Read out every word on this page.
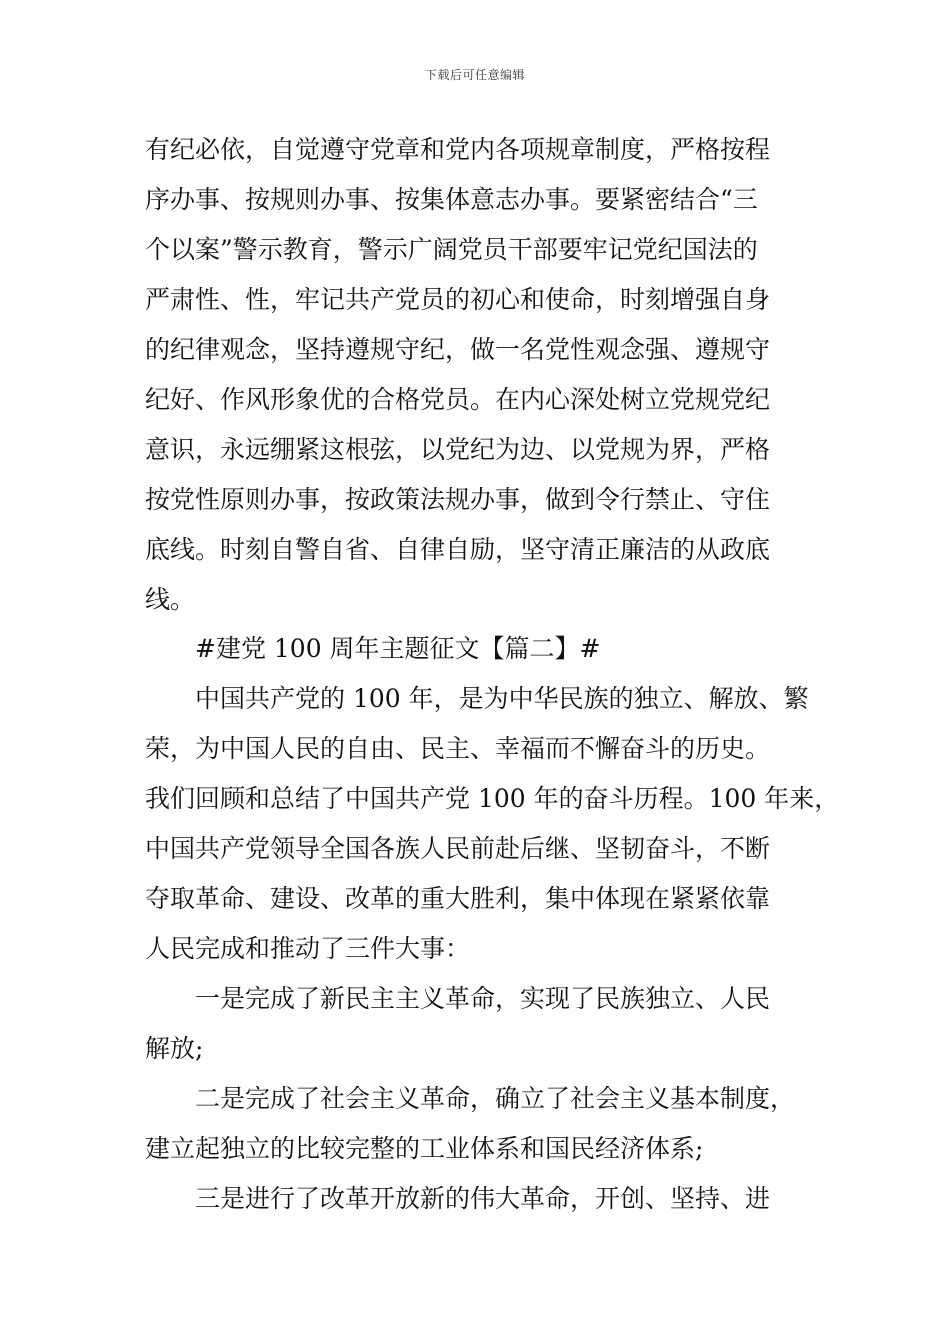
下载后可任意编辑
有纪必依，自觉遵守党章和党内各项规章制度，严格按程
序办事、按规则办事、按集体意志办事。要紧密结合“三
个以案”警示教育，警示广阔党员干部要牢记党纪国法的
严肃性、性，牢记共产党员的初心和使命，时刻增强自身
的纪律观念，坚持遵规守纪，做一名党性观念强、遵规守
纪好、作风形象优的合格党员。在内心深处树立党规党纪
意识，永远绷紧这根弦，以党纪为边、以党规为界，严格
按党性原则办事，按政策法规办事，做到令行禁止、守住
底线。时刻自警自省、自律自励，坚守清正廉洁的从政底
线。
#建党 100 周年主题征文【篇二】#
中国共产党的 100 年，是为中华民族的独立、解放、繁
荣，为中国人民的自由、民主、幸福而不懈奋斗的历史。
我们回顾和总结了中国共产党 100 年的奋斗历程。100 年来，
中国共产党领导全国各族人民前赴后继、坚韧奋斗，不断
夺取革命、建设、改革的重大胜利，集中体现在紧紧依靠
人民完成和推动了三件大事：
一是完成了新民主主义革命，实现了民族独立、人民
解放;
二是完成了社会主义革命，确立了社会主义基本制度，
建立起独立的比较完整的工业体系和国民经济体系;
三是进行了改革开放新的伟大革命，开创、坚持、进
